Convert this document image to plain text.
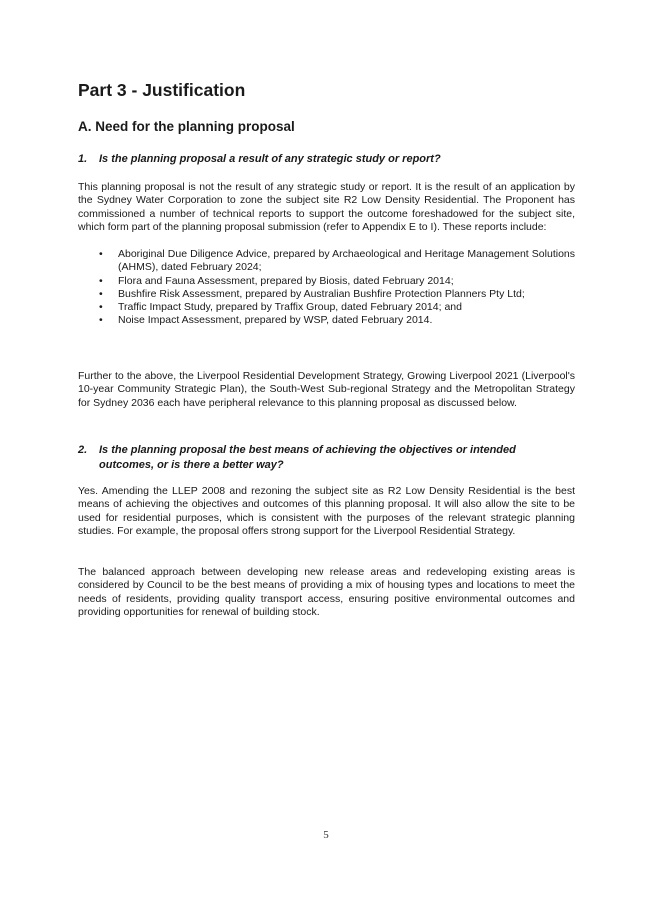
Part 3 - Justification
A. Need for the planning proposal

1. Is the planning proposal a result of any strategic study or report?

This planning proposal is not the result of any strategic study or report. It is the result of an application by the Sydney Water Corporation to zone the subject site R2 Low Density Residential. The Proponent has commissioned a number of technical reports to support the outcome foreshadowed for the subject site, which form part of the planning proposal submission (refer to Appendix E to I). These reports include:

• Aboriginal Due Diligence Advice, prepared by Archaeological and Heritage Management Solutions (AHMS), dated February 2024;
• Flora and Fauna Assessment, prepared by Biosis, dated February 2014;
• Bushfire Risk Assessment, prepared by Australian Bushfire Protection Planners Pty Ltd;
• Traffic Impact Study, prepared by Traffix Group, dated February 2014; and
• Noise Impact Assessment, prepared by WSP, dated February 2014.

Further to the above, the Liverpool Residential Development Strategy, Growing Liverpool 2021 (Liverpool's 10-year Community Strategic Plan), the South-West Sub-regional Strategy and the Metropolitan Strategy for Sydney 2036 each have peripheral relevance to this planning proposal as discussed below.

2. Is the planning proposal the best means of achieving the objectives or intended
outcomes, or is there a better way?

Yes. Amending the LLEP 2008 and rezoning the subject site as R2 Low Density Residential is the best means of achieving the objectives and outcomes of this planning proposal. It will also allow the site to be used for residential purposes, which is consistent with the purposes of the relevant strategic planning studies. For example, the proposal offers strong support for the Liverpool Residential Strategy.

The balanced approach between developing new release areas and redeveloping existing areas is considered by Council to be the best means of providing a mix of housing types and locations to meet the needs of residents, providing quality transport access, ensuring positive environmental outcomes and providing opportunities for renewal of building stock.

5
